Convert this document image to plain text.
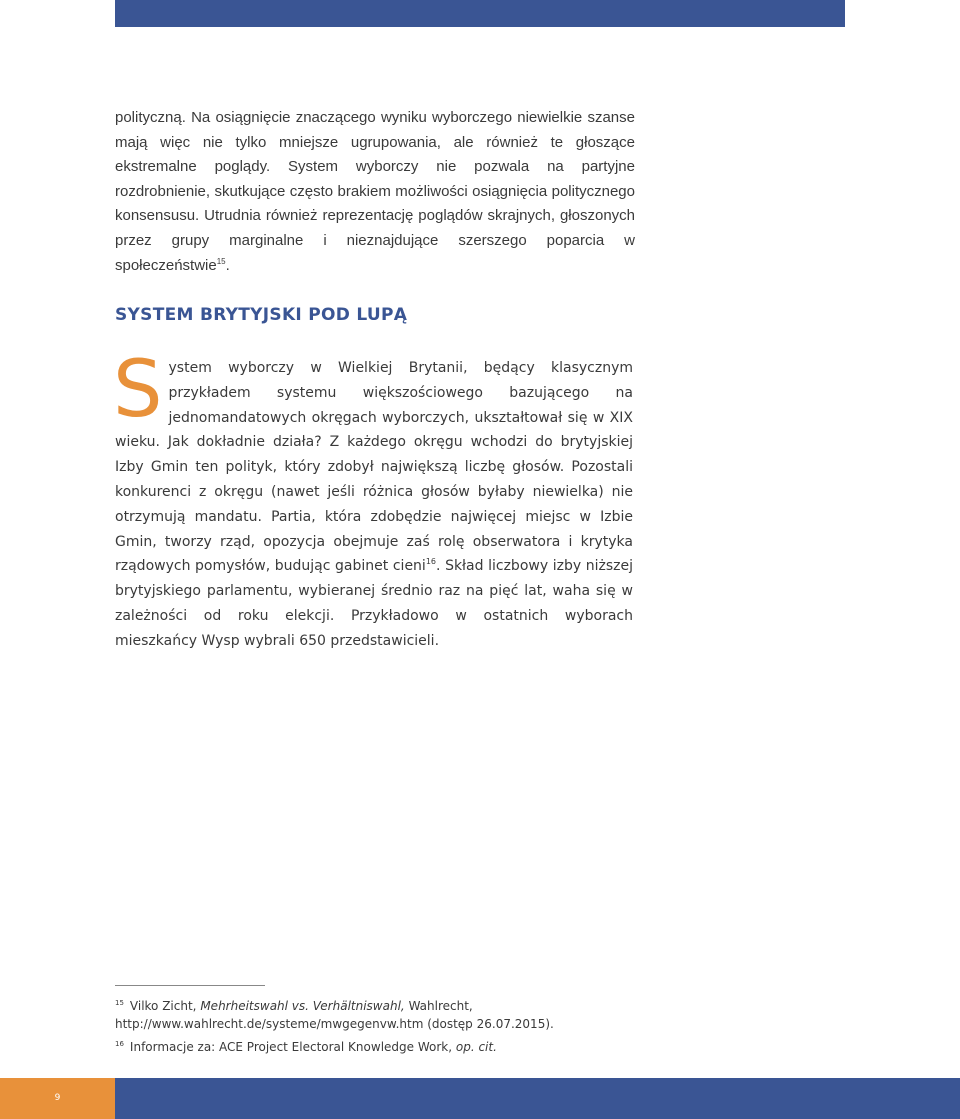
polityczną. Na osiągnięcie znaczącego wyniku wyborczego niewielkie szanse mają więc nie tylko mniejsze ugrupowania, ale również te głoszące ekstremalne poglądy. System wyborczy nie pozwala na partyjne rozdrobnienie, skutkujące często brakiem możliwości osiągnięcia politycznego konsensusu. Utrudnia również reprezentację poglądów skrajnych, głoszonych przez grupy marginalne i nieznajdujące szerszego poparcia w społeczeństwie$^{15}$.

SYSTEM BRYTYJSKI POD LUPĄ

System wyborczy w Wielkiej Brytanii, będący klasycznym przykładem systemu większościowego bazującego na jednomandatowych okręgach wyborczych, ukształtował się w XIX wieku. Jak dokładnie działa? Z każdego okręgu wchodzi do brytyjskiej Izby Gmin ten polityk, który zdobył największą liczbę głosów. Pozostali konkurenci z okręgu (nawet jeśli różnica głosów byłaby niewielka) nie otrzymują mandatu. Partia, która zdobędzie najwięcej miejsc w Izbie Gmin, tworzy rząd, opozycja obejmuje zaś rolę obserwatora i krytyka rządowych pomysłów, budując gabinet cieni$^{16}$. Skład liczbowy izby niższej brytyjskiego parlamentu, wybieranej średnio raz na pięć lat, waha się w zależności od roku elekcji. Przykładowo w ostatnich wyborach mieszkańcy Wysp wybrali 650 przedstawicieli.

$^{15}$ Vilko Zicht, Mehrheitswahl vs. Verhältniswahl, Wahlrecht, http://www.wahlrecht.de/systeme/mwgegenvw.htm (dostęp 26.07.2015).

$^{16}$ Informacje za: ACE Project Electoral Knowledge Work, op. cit.

9
